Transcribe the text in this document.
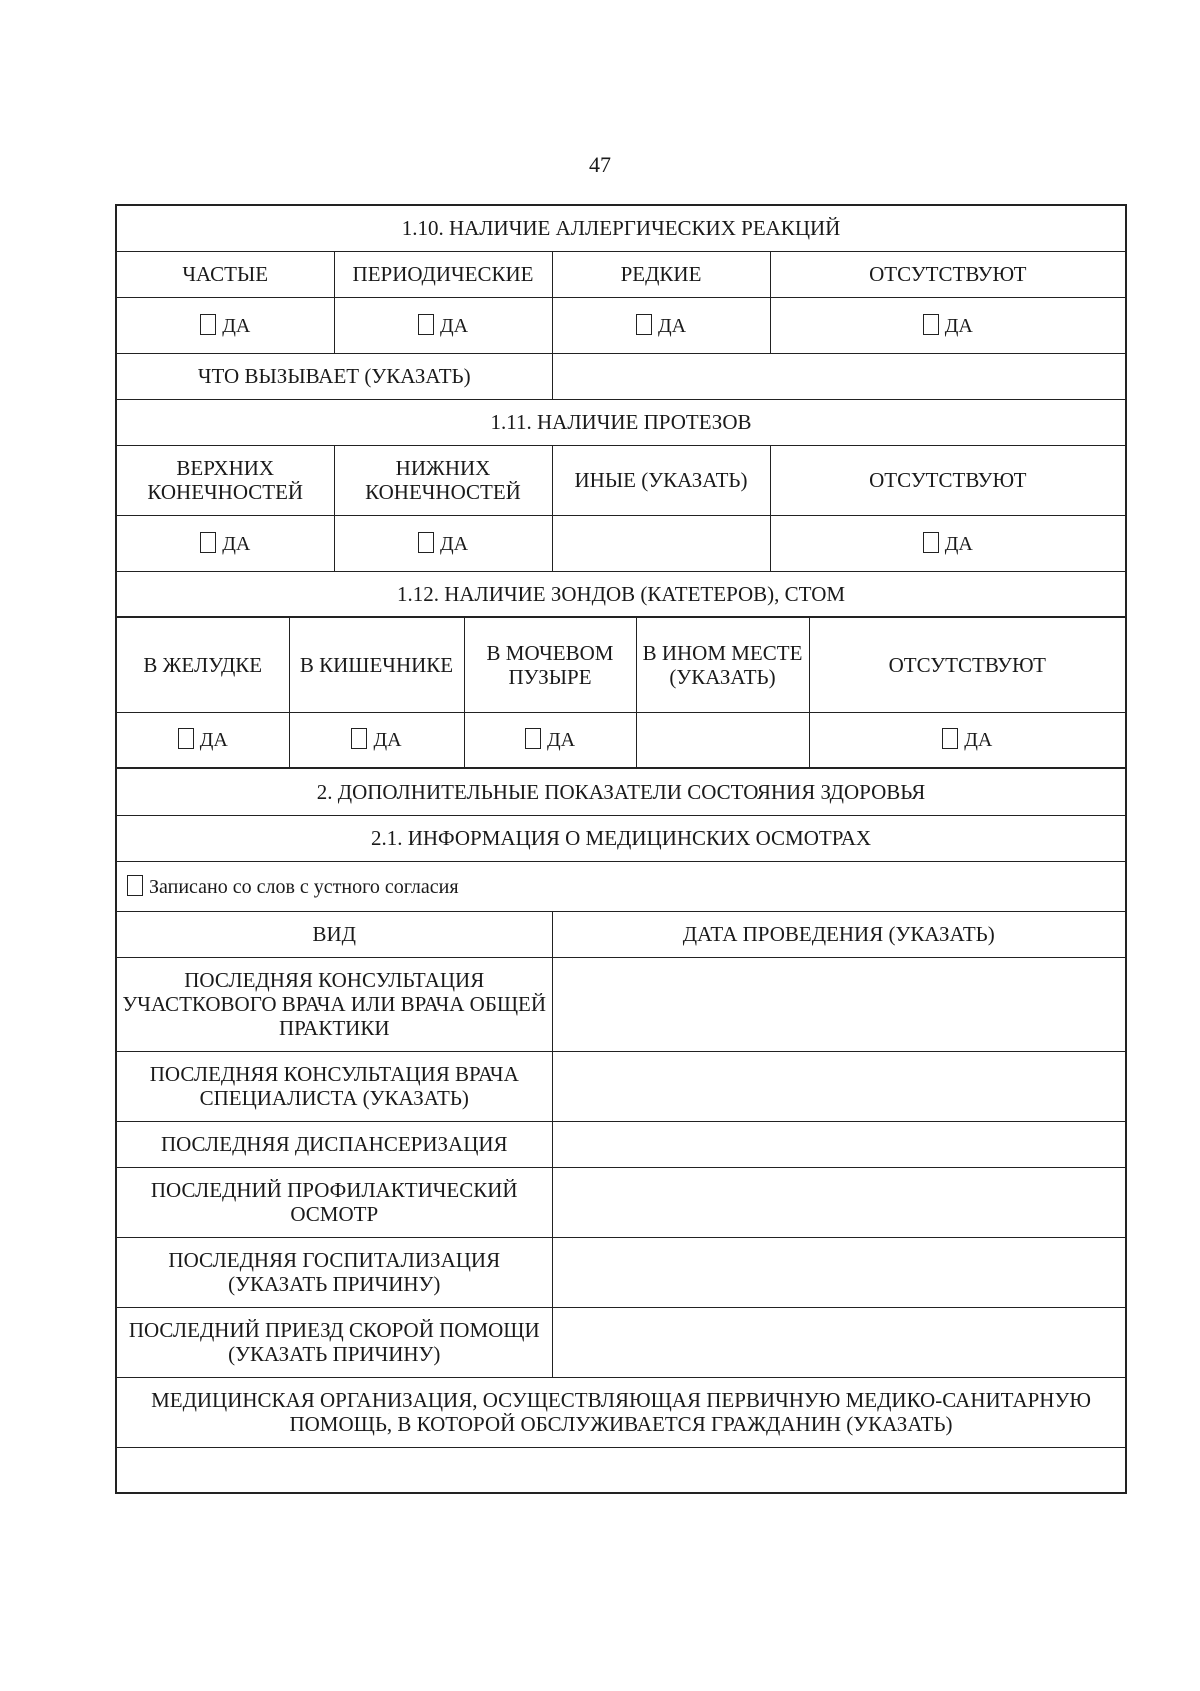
47
1.10. НАЛИЧИЕ АЛЛЕРГИЧЕСКИХ РЕАКЦИЙ			
ЧАСТЫЕ	ПЕРИОДИЧЕСКИЕ	РЕДКИЕ	ОТСУТСТВУЮТ
ДА	ДА	ДА	ДА
ЧТО ВЫЗЫВАЕТ (УКАЗАТЬ)			
1.11. НАЛИЧИЕ ПРОТЕЗОВ			
ВЕРХНИХ КОНЕЧНОСТЕЙ	НИЖНИХ КОНЕЧНОСТЕЙ	ИНЫЕ (УКАЗАТЬ)	ОТСУТСТВУЮТ
ДА	ДА		ДА
1.12. НАЛИЧИЕ ЗОНДОВ (КАТЕТЕРОВ), СТОМ			
В ЖЕЛУДКЕ	В КИШЕЧНИКЕ	В МОЧЕВОМ ПУЗЫРЕ	В ИНОМ МЕСТЕ (УКАЗАТЬ)	ОТСУТСТВУЮТ
ДА	ДА	ДА		ДА
2. ДОПОЛНИТЕЛЬНЫЕ ПОКАЗАТЕЛИ СОСТОЯНИЯ ЗДОРОВЬЯ	
2.1. ИНФОРМАЦИЯ О МЕДИЦИНСКИХ ОСМОТРАХ	
Записано со слов с устного согласия	
ВИД	ДАТА ПРОВЕДЕНИЯ (УКАЗАТЬ)
ПОСЛЕДНЯЯ КОНСУЛЬТАЦИЯ УЧАСТКОВОГО ВРАЧА ИЛИ ВРАЧА ОБЩЕЙ ПРАКТИКИ	
ПОСЛЕДНЯЯ КОНСУЛЬТАЦИЯ ВРАЧА СПЕЦИАЛИСТА (УКАЗАТЬ)	
ПОСЛЕДНЯЯ ДИСПАНСЕРИЗАЦИЯ	
ПОСЛЕДНИЙ ПРОФИЛАКТИЧЕСКИЙ ОСМОТР	
ПОСЛЕДНЯЯ ГОСПИТАЛИЗАЦИЯ (УКАЗАТЬ ПРИЧИНУ)	
ПОСЛЕДНИЙ ПРИЕЗД СКОРОЙ ПОМОЩИ (УКАЗАТЬ ПРИЧИНУ)	
МЕДИЦИНСКАЯ ОРГАНИЗАЦИЯ, ОСУЩЕСТВЛЯЮЩАЯ ПЕРВИЧНУЮ МЕДИКО-САНИТАРНУЮ ПОМОЩЬ, В КОТОРОЙ ОБСЛУЖИВАЕТСЯ ГРАЖДАНИН (УКАЗАТЬ)	
